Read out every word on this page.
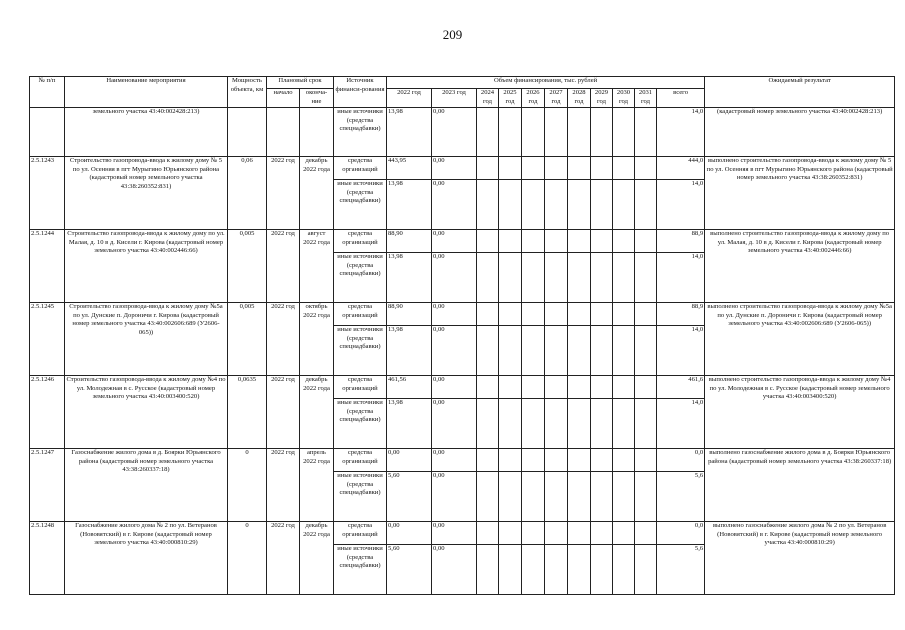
209
№ п/п	Наименование мероприятия	Мощность объекта, км	Плановый срок		Источник финанси-рования	Объем финансирования, тыс. рублей											Ожидаемый результат
			начало	оконча-ние		2022 год	2023 год	2024 год	2025 год	2026 год	2027 год	2028 год	2029 год	2030 год	2031 год	всего	
	земельного участка 43:40:002428:213)				иные источники (средства спецнадбавки)	13,98	0,00									14,0	(кадастровый номер земельного участка 43:40:002428:213)
2.5.1243	Строительство газопровода-ввода к жилому дому № 5 по ул. Осенняя в пгт Мурыгино Юрьянского района (кадастровый номер земельного участка 43:38:260352:831)	0,06	2022 год	декабрь 2022 года	средства организаций	443,95	0,00									444,0	выполнено строительство газопровода-ввода к жилому дому № 5 по ул. Осенняя в пгт Мурыгино Юрьянского района (кадастровый номер земельного участка 43:38:260352:831)
					иные источники (средства спецнадбавки)	13,98	0,00									14,0	
2.5.1244	Строительство газопровода-ввода к жилому дому по ул. Малая, д. 10 в д. Кисели г. Кирова (кадастровый номер земельного участка 43:40:002446:66)	0,005	2022 год	август 2022 года	средства организаций	88,90	0,00									88,9	выполнено строительство газопровода-ввода к жилому дому по ул. Малая, д. 10 в д. Кисели г. Кирова (кадастровый номер земельного участка 43:40:002446:66)
					иные источники (средства спецнадбавки)	13,98	0,00									14,0	
2.5.1245	Строительство газопровода-ввода к жилому дому №5а по ул. Дунские п. Дороничи г. Кирова (кадастровый номер земельного участка 43:40:002606:689 (У2606-065))	0,005	2022 год	октябрь 2022 года	средства организаций	88,90	0,00									88,9	выполнено строительство газопровода-ввода к жилому дому №5а по ул. Дунские п. Дороничи г. Кирова (кадастровый номер земельного участка 43:40:002606:689 (У2606-065))
					иные источники (средства спецнадбавки)	13,98	0,00									14,0	
2.5.1246	Строительство газопровода-ввода к жилому дому №4 по ул. Молодежная в с. Русское (кадастровый номер земельного участка 43:40:003400:520)	0,0635	2022 год	декабрь 2022 года	средства организаций	461,56	0,00									461,6	выполнено строительство газопровода-ввода к жилому дому №4 по ул. Молодежная в с. Русское (кадастровый номер земельного участка 43:40:003400:520)
					иные источники (средства спецнадбавки)	13,98	0,00									14,0	
2.5.1247	Газоснабжение жилого дома в д. Боярки Юрьянского района (кадастровый номер земельного участка 43:38:260337:18)	0	2022 год	апрель 2022 года	средства организаций	0,00	0,00									0,0	выполнено газоснабжение жилого дома в д. Боярки Юрьянского района (кадастровый номер земельного участка 43:38:260337:18)
					иные источники (средства спецнадбавки)	5,60	0,00									5,6	
2.5.1248	Газоснабжение жилого дома № 2 по ул. Ветеранов (Нововятский) в г. Кирове (кадастровый номер земельного участка 43:40:000810:29)	0	2022 год	декабрь 2022 года	средства организаций	0,00	0,00									0,0	выполнено газоснабжение жилого дома № 2 по ул. Ветеранов (Нововятский) в г. Кирове (кадастровый номер земельного участка 43:40:000810:29)
					иные источники (средства спецнадбавки)	5,60	0,00									5,6	
